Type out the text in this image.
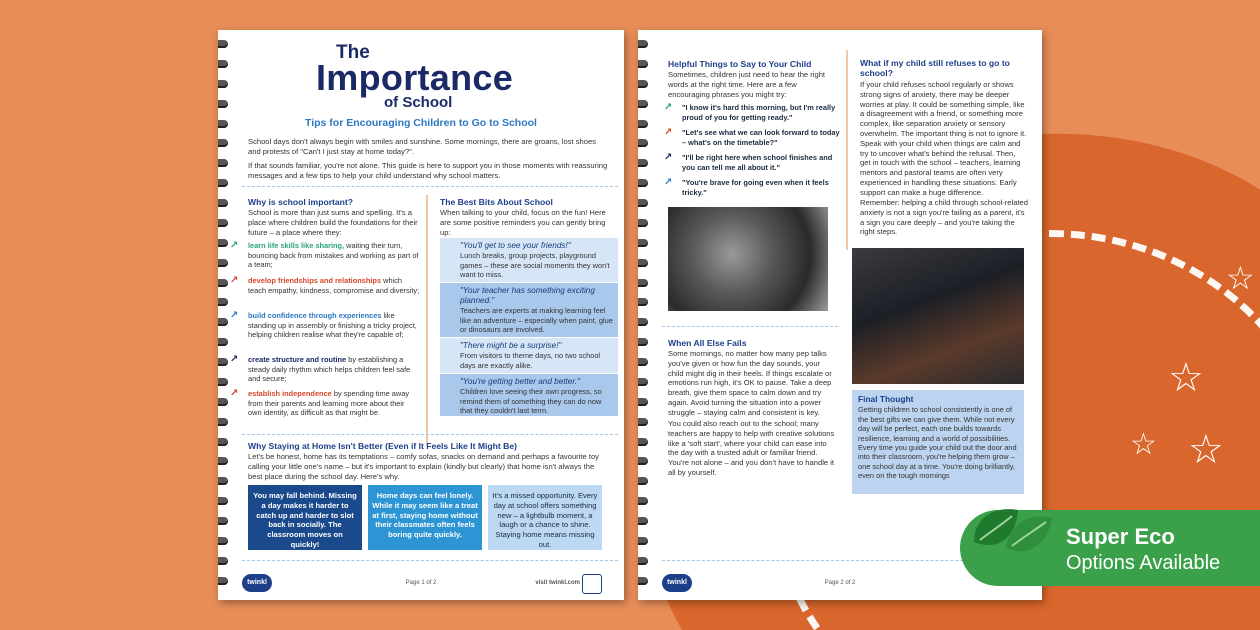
☆
☆
☆
☆
The
Importance
of School
Tips for Encouraging Children to Go to School
School days don't always begin with smiles and sunshine. Some mornings, there are groans, lost shoes and protests of "Can't I just stay at home today?".
If that sounds familiar, you're not alone. This guide is here to support you in those moments with reassuring messages and a few tips to help your child understand why school matters.
Why is school important?
School is more than just sums and spelling. It's a place where children build the foundations for their future – a place where they:
↗ learn life skills like sharing, waiting their turn, bouncing back from mistakes and working as part of a team;
↗ develop friendships and relationships which teach empathy, kindness, compromise and diversity;
↗ build confidence through experiences like standing up in assembly or finishing a tricky project, helping children realise what they're capable of;
↗ create structure and routine by establishing a steady daily rhythm which helps children feel safe and secure;
↗ establish independence by spending time away from their parents and learning more about their own identity, as difficult as that might be.
The Best Bits About School
When talking to your child, focus on the fun! Here are some positive reminders you can gently bring up:
"You'll get to see your friends!"
Lunch breaks, group projects, playground games – these are social moments they won't want to miss.
"Your teacher has something exciting planned."
Teachers are experts at making learning feel like an adventure – especially when paint, glue or dinosaurs are involved.
"There might be a surprise!"
From visitors to theme days, no two school days are exactly alike.
"You're getting better and better."
Children love seeing their own progress, so remind them of something they can do now that they couldn't last term.
Why Staying at Home Isn't Better (Even if It Feels Like It Might Be)
Let's be honest, home has its temptations – comfy sofas, snacks on demand and perhaps a favourite toy calling your little one's name – but it's important to explain (kindly but clearly) that home isn't always the best place during the school day. Here's why.
You may fall behind. Missing a day makes it harder to catch up and harder to slot back in socially. The classroom moves on quickly!
Home days can feel lonely. While it may seem like a treat at first, staying home without their classmates often feels boring quite quickly.
It's a missed opportunity. Every day at school offers something new – a lightbulb moment, a laugh or a chance to shine. Staying home means missing out.
twinkl	Page 1 of 2	visit twinkl.com
Helpful Things to Say to Your Child
Sometimes, children just need to hear the right words at the right time. Here are a few encouraging phrases you might try:
↗ "I know it's hard this morning, but I'm really proud of you for getting ready."
↗ "Let's see what we can look forward to today – what's on the timetable?"
↗ "I'll be right here when school finishes and you can tell me all about it."
↗ "You're brave for going even when it feels tricky."
When All Else Fails
Some mornings, no matter how many pep talks you've given or how fun the day sounds, your child might dig in their heels. If things escalate or emotions run high, it's OK to pause. Take a deep breath, give them space to calm down and try again. Avoid turning the situation into a power struggle – staying calm and consistent is key.
You could also reach out to the school; many teachers are happy to help with creative solutions like a 'soft start', where your child can ease into the day with a trusted adult or familiar friend. You're not alone – and you don't have to handle it all by yourself.
What if my child still refuses to go to school?
If your child refuses school regularly or shows strong signs of anxiety, there may be deeper worries at play. It could be something simple, like a disagreement with a friend, or something more complex, like separation anxiety or sensory overwhelm. The important thing is not to ignore it. Speak with your child when things are calm and try to uncover what's behind the refusal. Then, get in touch with the school – teachers, learning mentors and pastoral teams are often very experienced in handling these situations. Early support can make a huge difference.
Remember: helping a child through school-related anxiety is not a sign you're failing as a parent, it's a sign you care deeply – and you're taking the right steps.
Final Thought
Getting children to school consistently is one of the best gifts we can give them. While not every day will be perfect, each one builds towards resilience, learning and a world of possibilities. Every time you guide your child out the door and into their classroom, you're helping them grow – one school day at a time. You're doing brilliantly, even on the tough mornings
twinkl	Page 2 of 2
Super Eco
Options Available
